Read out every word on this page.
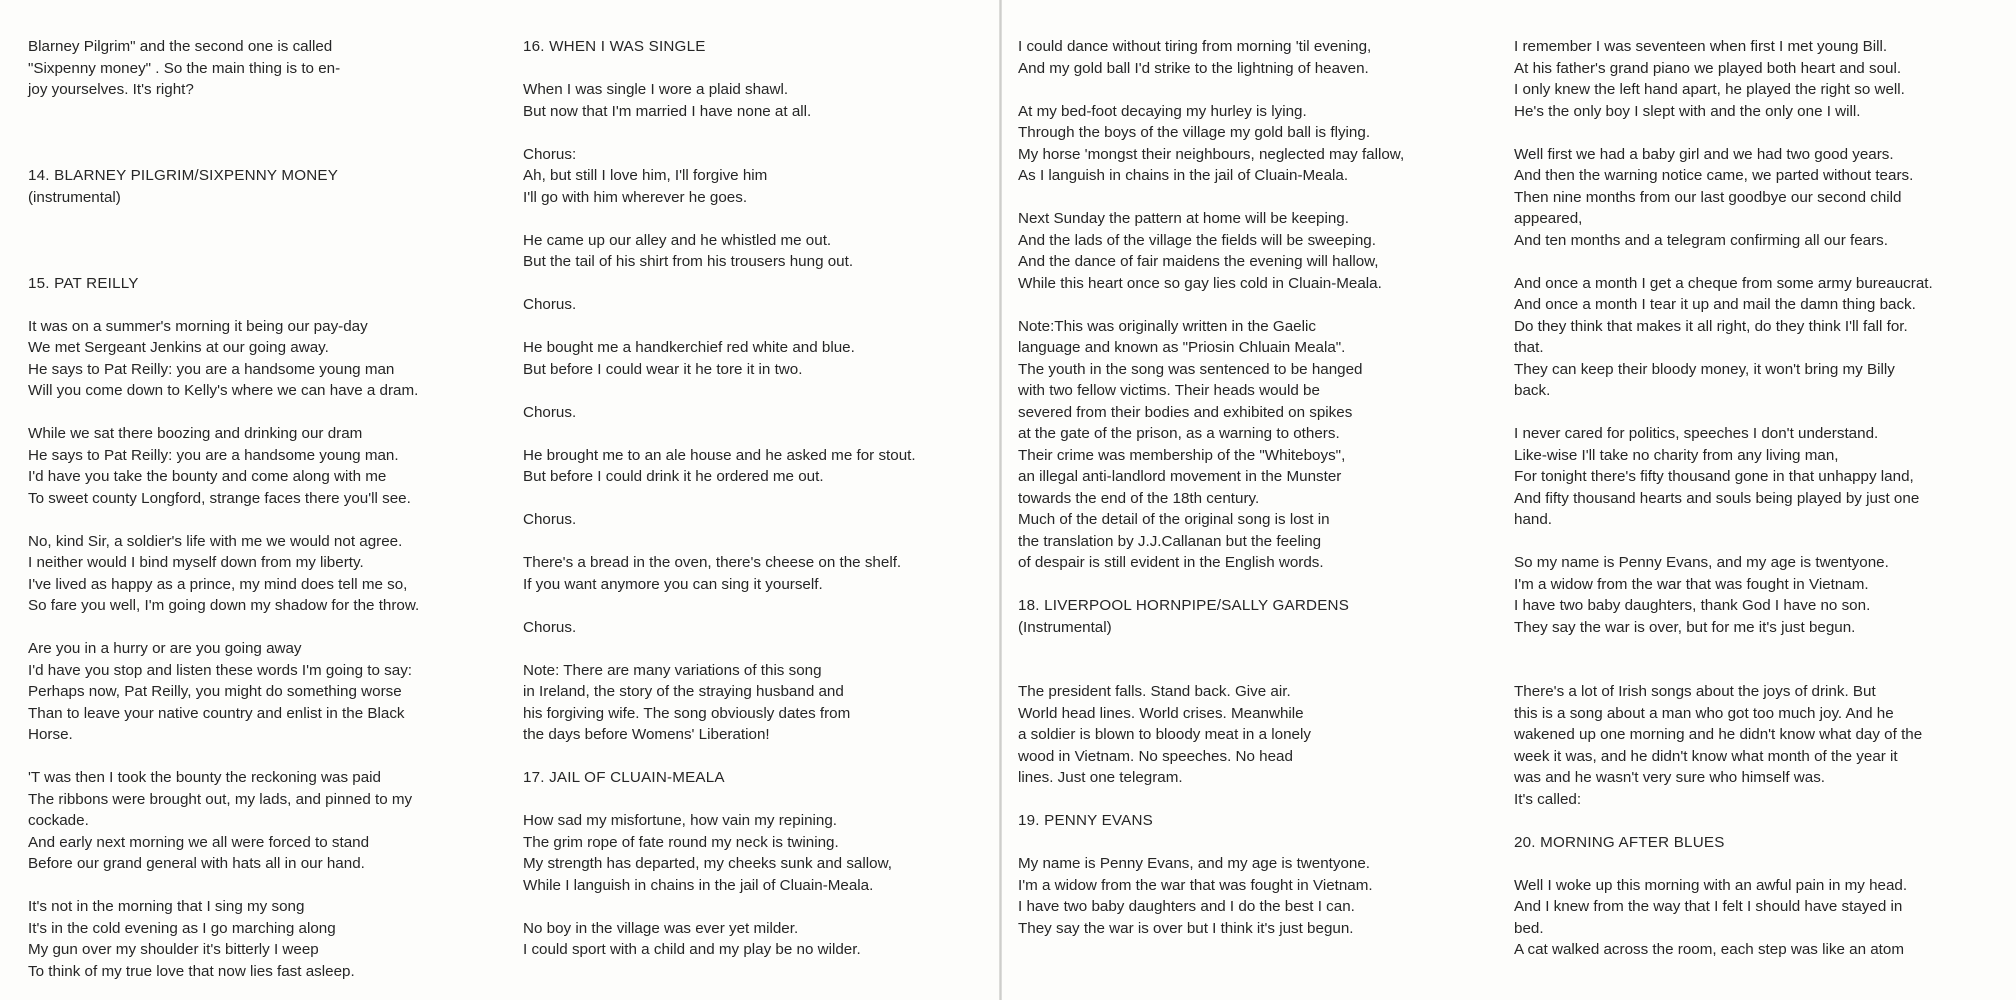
Blarney Pilgrim" and the second one is called

"Sixpenny money" . So the main thing is to en-

joy yourselves. It's right?

14. BLARNEY PILGRIM/SIXPENNY MONEY

(instrumental)

15. PAT REILLY

It was on a summer's morning it being our pay-day

We met Sergeant Jenkins at our going away.

He says to Pat Reilly: you are a handsome young man

Will you come down to Kelly's where we can have a dram.

While we sat there boozing and drinking our dram

He says to Pat Reilly: you are a handsome young man.

I'd have you take the bounty and come along with me

To sweet county Longford, strange faces there you'll see.

No, kind Sir, a soldier's life with me we would not agree.

I neither would I bind myself down from my liberty.

I've lived as happy as a prince, my mind does tell me so,

So fare you well, I'm going down my shadow for the throw.

Are you in a hurry or are you going away

I'd have you stop and listen these words I'm going to say:

Perhaps now, Pat Reilly, you might do something worse

Than to leave your native country and enlist in the Black

Horse.

'T was then I took the bounty the reckoning was paid

The ribbons were brought out, my lads, and pinned to my

cockade.

And early next morning we all were forced to stand

Before our grand general with hats all in our hand.

It's not in the morning that I sing my song

It's in the cold evening as I go marching along

My gun over my shoulder it's bitterly I weep

To think of my true love that now lies fast asleep.

16. WHEN I WAS SINGLE

When I was single I wore a plaid shawl.

But now that I'm married I have none at all.

Chorus:

Ah, but still I love him, I'll forgive him

I'll go with him wherever he goes.

He came up our alley and he whistled me out.

But the tail of his shirt from his trousers hung out.

Chorus.

He bought me a handkerchief red white and blue.

But before I could wear it he tore it in two.

Chorus.

He brought me to an ale house and he asked me for stout.

But before I could drink it he ordered me out.

Chorus.

There's a bread in the oven, there's cheese on the shelf.

If you want anymore you can sing it yourself.

Chorus.

Note: There are many variations of this song

in Ireland, the story of the straying husband and

his forgiving wife. The song obviously dates from

the days before Womens' Liberation!

17. JAIL OF CLUAIN-MEALA

How sad my misfortune, how vain my repining.

The grim rope of fate round my neck is twining.

My strength has departed, my cheeks sunk and sallow,

While I languish in chains in the jail of Cluain-Meala.

No boy in the village was ever yet milder.

I could sport with a child and my play be no wilder.

I could dance without tiring from morning 'til evening,

And my gold ball I'd strike to the lightning of heaven.

At my bed-foot decaying my hurley is lying.

Through the boys of the village my gold ball is flying.

My horse 'mongst their neighbours, neglected may fallow,

As I languish in chains in the jail of Cluain-Meala.

Next Sunday the pattern at home will be keeping.

And the lads of the village the fields will be sweeping.

And the dance of fair maidens the evening will hallow,

While this heart once so gay lies cold in Cluain-Meala.

Note:This was originally written in the Gaelic

language and known as "Priosin Chluain Meala".

The youth in the song was sentenced to be hanged

with two fellow victims. Their heads would be

severed from their bodies and exhibited on spikes

at the gate of the prison, as a warning to others.

Their crime was membership of the "Whiteboys",

an illegal anti-landlord movement in the Munster

towards the end of the 18th century.

Much of the detail of the original song is lost in

the translation by J.J.Callanan but the feeling

of despair is still evident in the English words.

18. LIVERPOOL HORNPIPE/SALLY GARDENS

(Instrumental)

The president falls. Stand back. Give air.

World head lines. World crises. Meanwhile

a soldier is blown to bloody meat in a lonely

wood in Vietnam. No speeches. No head

lines. Just one telegram.

19. PENNY EVANS

My name is Penny Evans, and my age is twentyone.

I'm a widow from the war that was fought in Vietnam.

I have two baby daughters and I do the best I can.

They say the war is over but I think it's just begun.

I remember I was seventeen when first I met young Bill.

At his father's grand piano we played both heart and soul.

I only knew the left hand apart, he played the right so well.

He's the only boy I slept with and the only one I will.

Well first we had a baby girl and we had two good years.

And then the warning notice came, we parted without tears.

Then nine months from our last goodbye our second child

appeared,

And ten months and a telegram confirming all our fears.

And once a month I get a cheque from some army bureaucrat.

And once a month I tear it up and mail the damn thing back.

Do they think that makes it all right, do they think I'll fall for.

that.

They can keep their bloody money, it won't bring my Billy

back.

I never cared for politics, speeches I don't understand.

Like-wise I'll take no charity from any living man,

For tonight there's fifty thousand gone in that unhappy land,

And fifty thousand hearts and souls being played by just one

hand.

So my name is Penny Evans, and my age is twentyone.

I'm a widow from the war that was fought in Vietnam.

I have two baby daughters, thank God I have no son.

They say the war is over, but for me it's just begun.

There's a lot of Irish songs about the joys of drink. But

this is a song about a man who got too much joy. And he

wakened up one morning and he didn't know what day of the

week it was, and he didn't know what month of the year it

was and he wasn't very sure who himself was.

It's called:

20. MORNING AFTER BLUES

Well I woke up this morning with an awful pain in my head.

And I knew from the way that I felt I should have stayed in

bed.

A cat walked across the room, each step was like an atom
